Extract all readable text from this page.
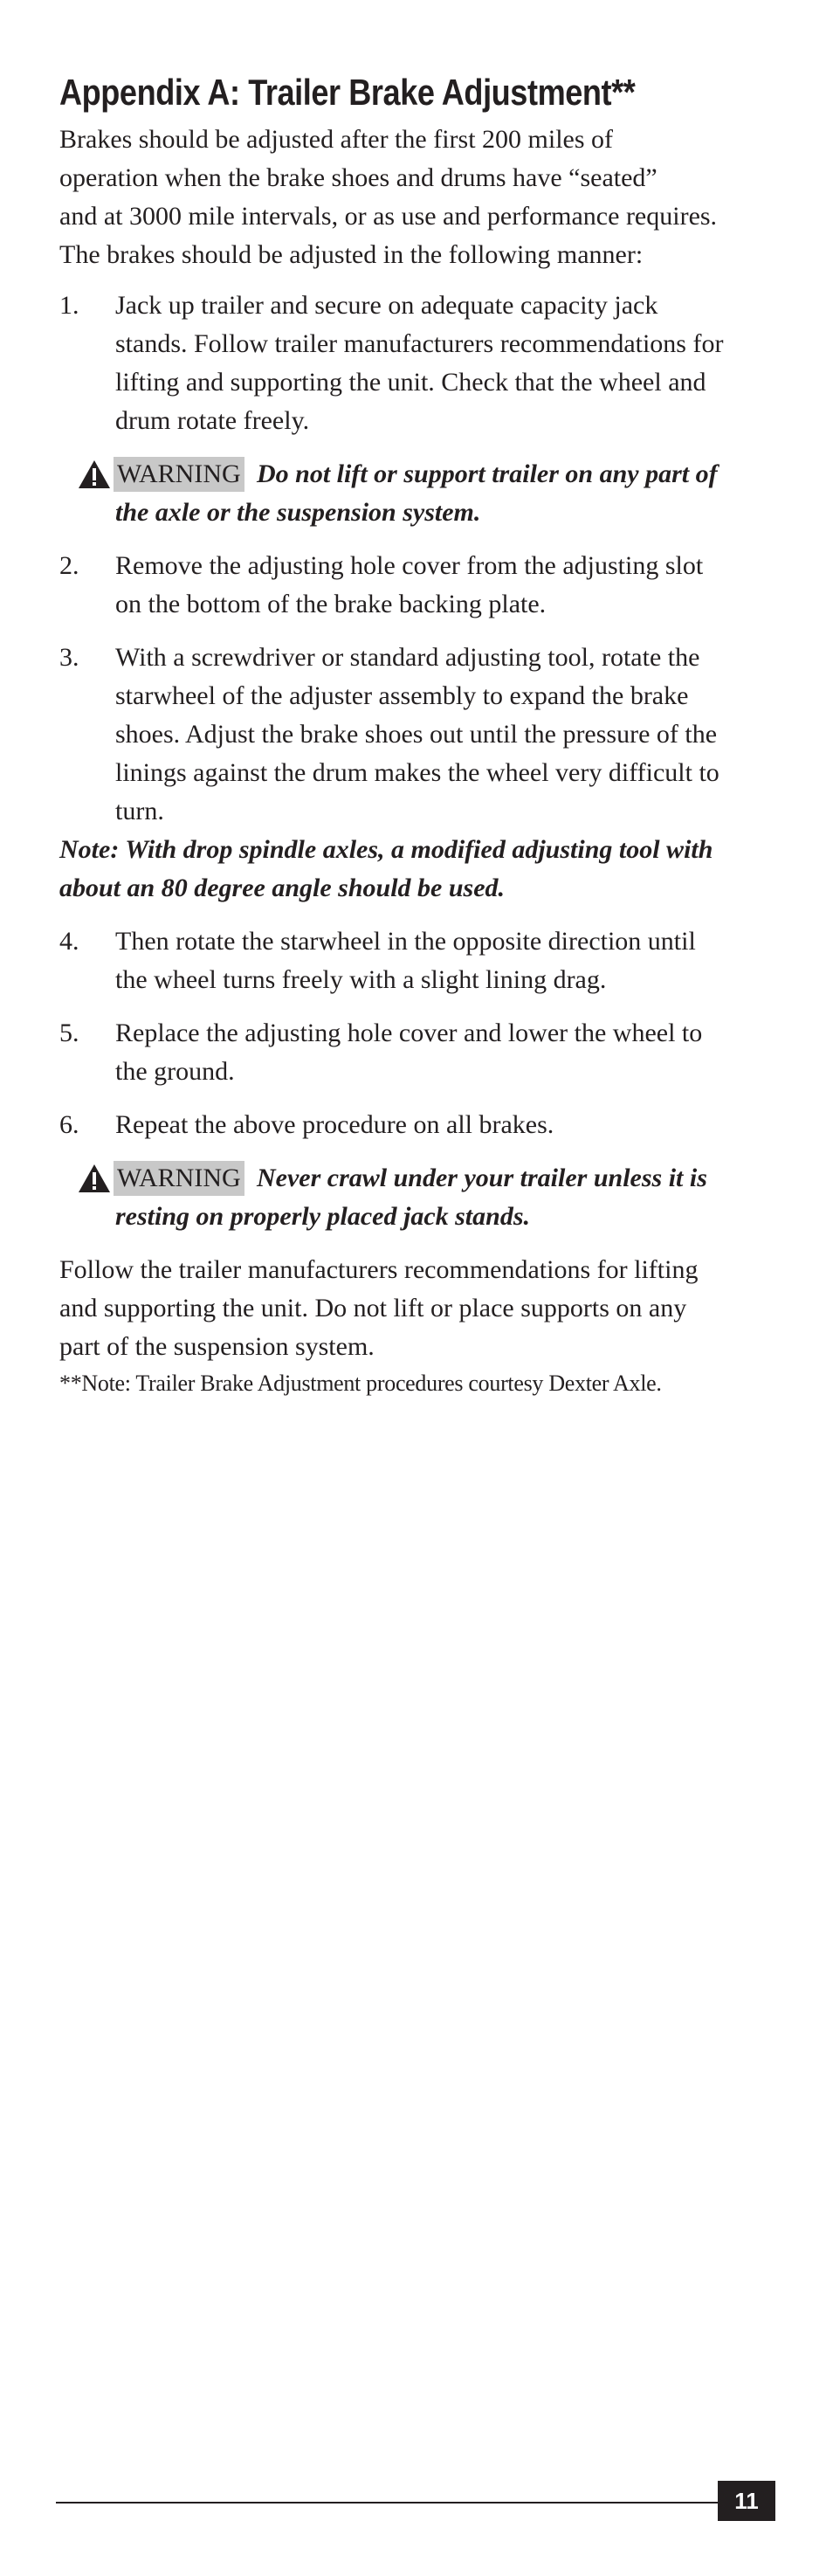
Appendix A: Trailer Brake Adjustment**

Brakes should be adjusted after the first 200 miles of
operation when the brake shoes and drums have “seated”
and at 3000 mile intervals, or as use and performance requires.
The brakes should be adjusted in the following manner:

1. Jack up trailer and secure on adequate capacity jack
stands. Follow trailer manufacturers recommendations for
lifting and supporting the unit. Check that the wheel and
drum rotate freely.
WARNING Do not lift or support trailer on any part of
the axle or the suspension system.
2. Remove the adjusting hole cover from the adjusting slot
on the bottom of the brake backing plate.
3. With a screwdriver or standard adjusting tool, rotate the
starwheel of the adjuster assembly to expand the brake
shoes. Adjust the brake shoes out until the pressure of the
linings against the drum makes the wheel very difficult to
turn.

Note: With drop spindle axles, a modified adjusting tool with
about an 80 degree angle should be used.

4. Then rotate the starwheel in the opposite direction until
the wheel turns freely with a slight lining drag.
5. Replace the adjusting hole cover and lower the wheel to
the ground.
6. Repeat the above procedure on all brakes.
WARNING Never crawl under your trailer unless it is
resting on properly placed jack stands.

Follow the trailer manufacturers recommendations for lifting
and supporting the unit. Do not lift or place supports on any
part of the suspension system.

**Note: Trailer Brake Adjustment procedures courtesy Dexter Axle.

11
